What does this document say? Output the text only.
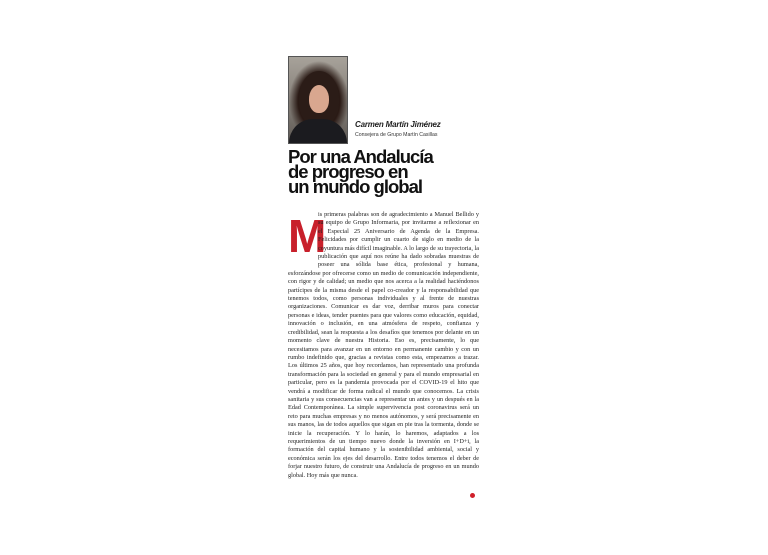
Carmen Martín Jiménez
Consejera de Grupo Martín Casillas
Por una Andalucía
de progreso en
un mundo global
M
is primeras palabras son de agradecimiento a Manuel Bellido y su equipo de Grupo Informaria, por invitarme a reflexionar en el Especial 25 Aniversario de Agenda de la Empresa. Felicidades por cumplir un cuarto de siglo en medio de la coyuntura más difícil imaginable. A lo largo de su trayectoria, la publicación que aquí nos reúne ha dado sobradas muestras de poseer una sólida base ética, profesional y humana, esforzándose por ofrecerse como un medio de comunicación independiente, con rigor y de calidad; un medio que nos acerca a la realidad haciéndonos partícipes de la misma desde el papel co-creador y la responsabilidad que tenemos todos, como personas individuales y al frente de nuestras organizaciones. Comunicar es dar voz, derribar muros para conectar personas e ideas, tender puentes para que valores como educación, equidad, innovación o inclusión, en una atmósfera de respeto, confianza y credibilidad, sean la respuesta a los desafíos que tenemos por delante en un momento clave de nuestra Historia. Eso es, precisamente, lo que necesitamos para avanzar en un entorno en permanente cambio y con un rumbo indefinido que, gracias a revistas como esta, empezamos a trazar. Los últimos 25 años, que hoy recordamos, han representado una profunda transformación para la sociedad en general y para el mundo empresarial en particular, pero es la pandemia provocada por el COVID-19 el hito que vendrá a modificar de forma radical el mundo que conocemos. La crisis sanitaria y sus consecuencias van a representar un antes y un después en la Edad Contemporánea. La simple supervivencia post coronavirus será un reto para muchas empresas y no menos autónomos, y será precisamente en sus manos, las de todos aquellos que sigan en pie tras la tormenta, donde se inicie la recuperación. Y lo harán, lo haremos, adaptados a los requerimientos de un tiempo nuevo donde la inversión en I+D+i, la formación del capital humano y la sostenibilidad ambiental, social y económica serán los ejes del desarrollo. Entre todos tenemos el deber de forjar nuestro futuro, de construir una Andalucía de progreso en un mundo global. Hoy más que nunca.
